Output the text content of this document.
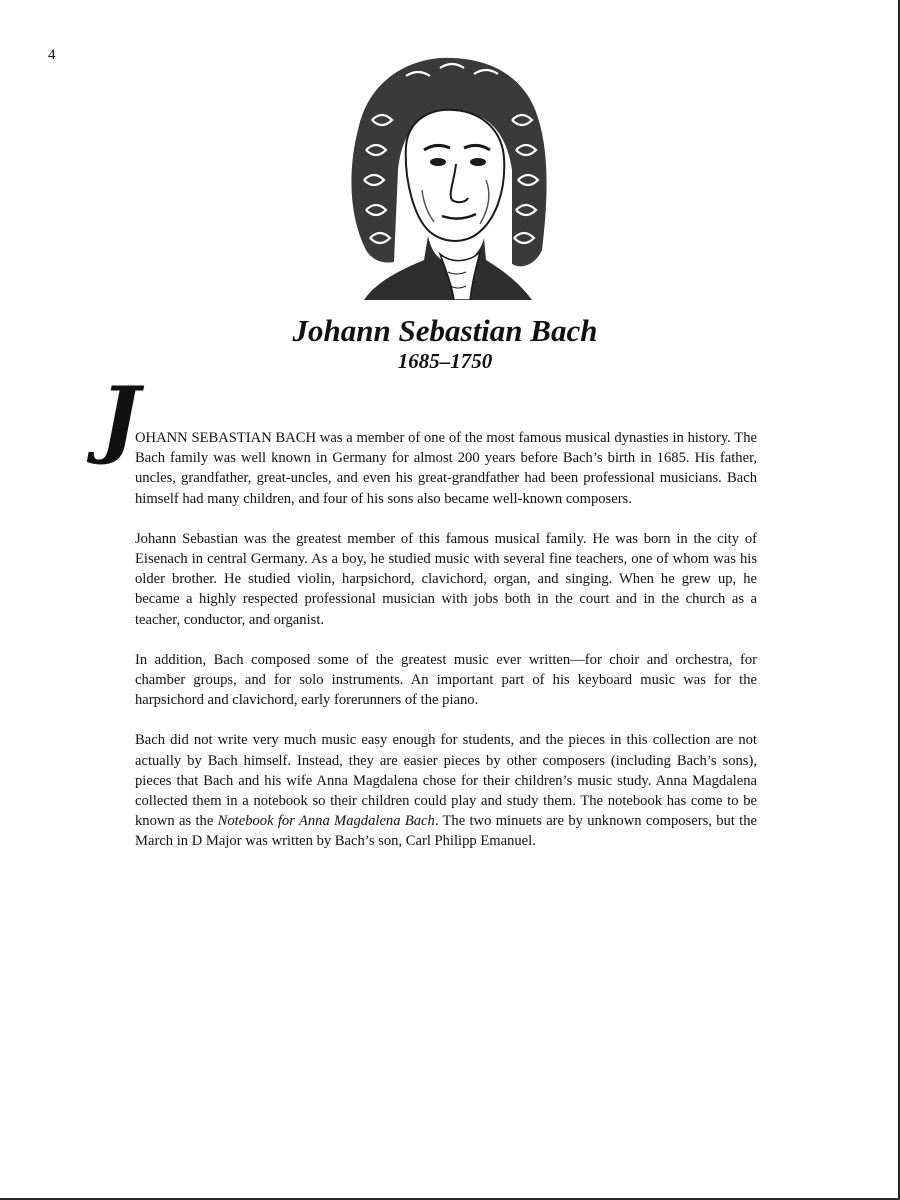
4
Johann Sebastian Bach
1685–1750
J

OHANN SEBASTIAN BACH was a member of one of the most famous musical dynasties in history. The Bach family was well known in Germany for almost 200 years before Bach’s birth in 1685. His father, uncles, grandfather, great-uncles, and even his great-grandfather had been professional musicians. Bach himself had many children, and four of his sons also became well-known composers.

Johann Sebastian was the greatest member of this famous musical family. He was born in the city of Eisenach in central Germany. As a boy, he studied music with several fine teachers, one of whom was his older brother. He studied violin, harpsichord, clavichord, organ, and singing. When he grew up, he became a highly respected professional musician with jobs both in the court and in the church as a teacher, conductor, and organist.

In addition, Bach composed some of the greatest music ever written—for choir and orchestra, for chamber groups, and for solo instruments. An important part of his keyboard music was for the harpsichord and clavichord, early forerunners of the piano.

Bach did not write very much music easy enough for students, and the pieces in this collection are not actually by Bach himself. Instead, they are easier pieces by other composers (including Bach’s sons), pieces that Bach and his wife Anna Magdalena chose for their children’s music study. Anna Magdalena collected them in a notebook so their children could play and study them. The notebook has come to be known as the Notebook for Anna Magdalena Bach. The two minuets are by unknown composers, but the March in D Major was written by Bach’s son, Carl Philipp Emanuel.
